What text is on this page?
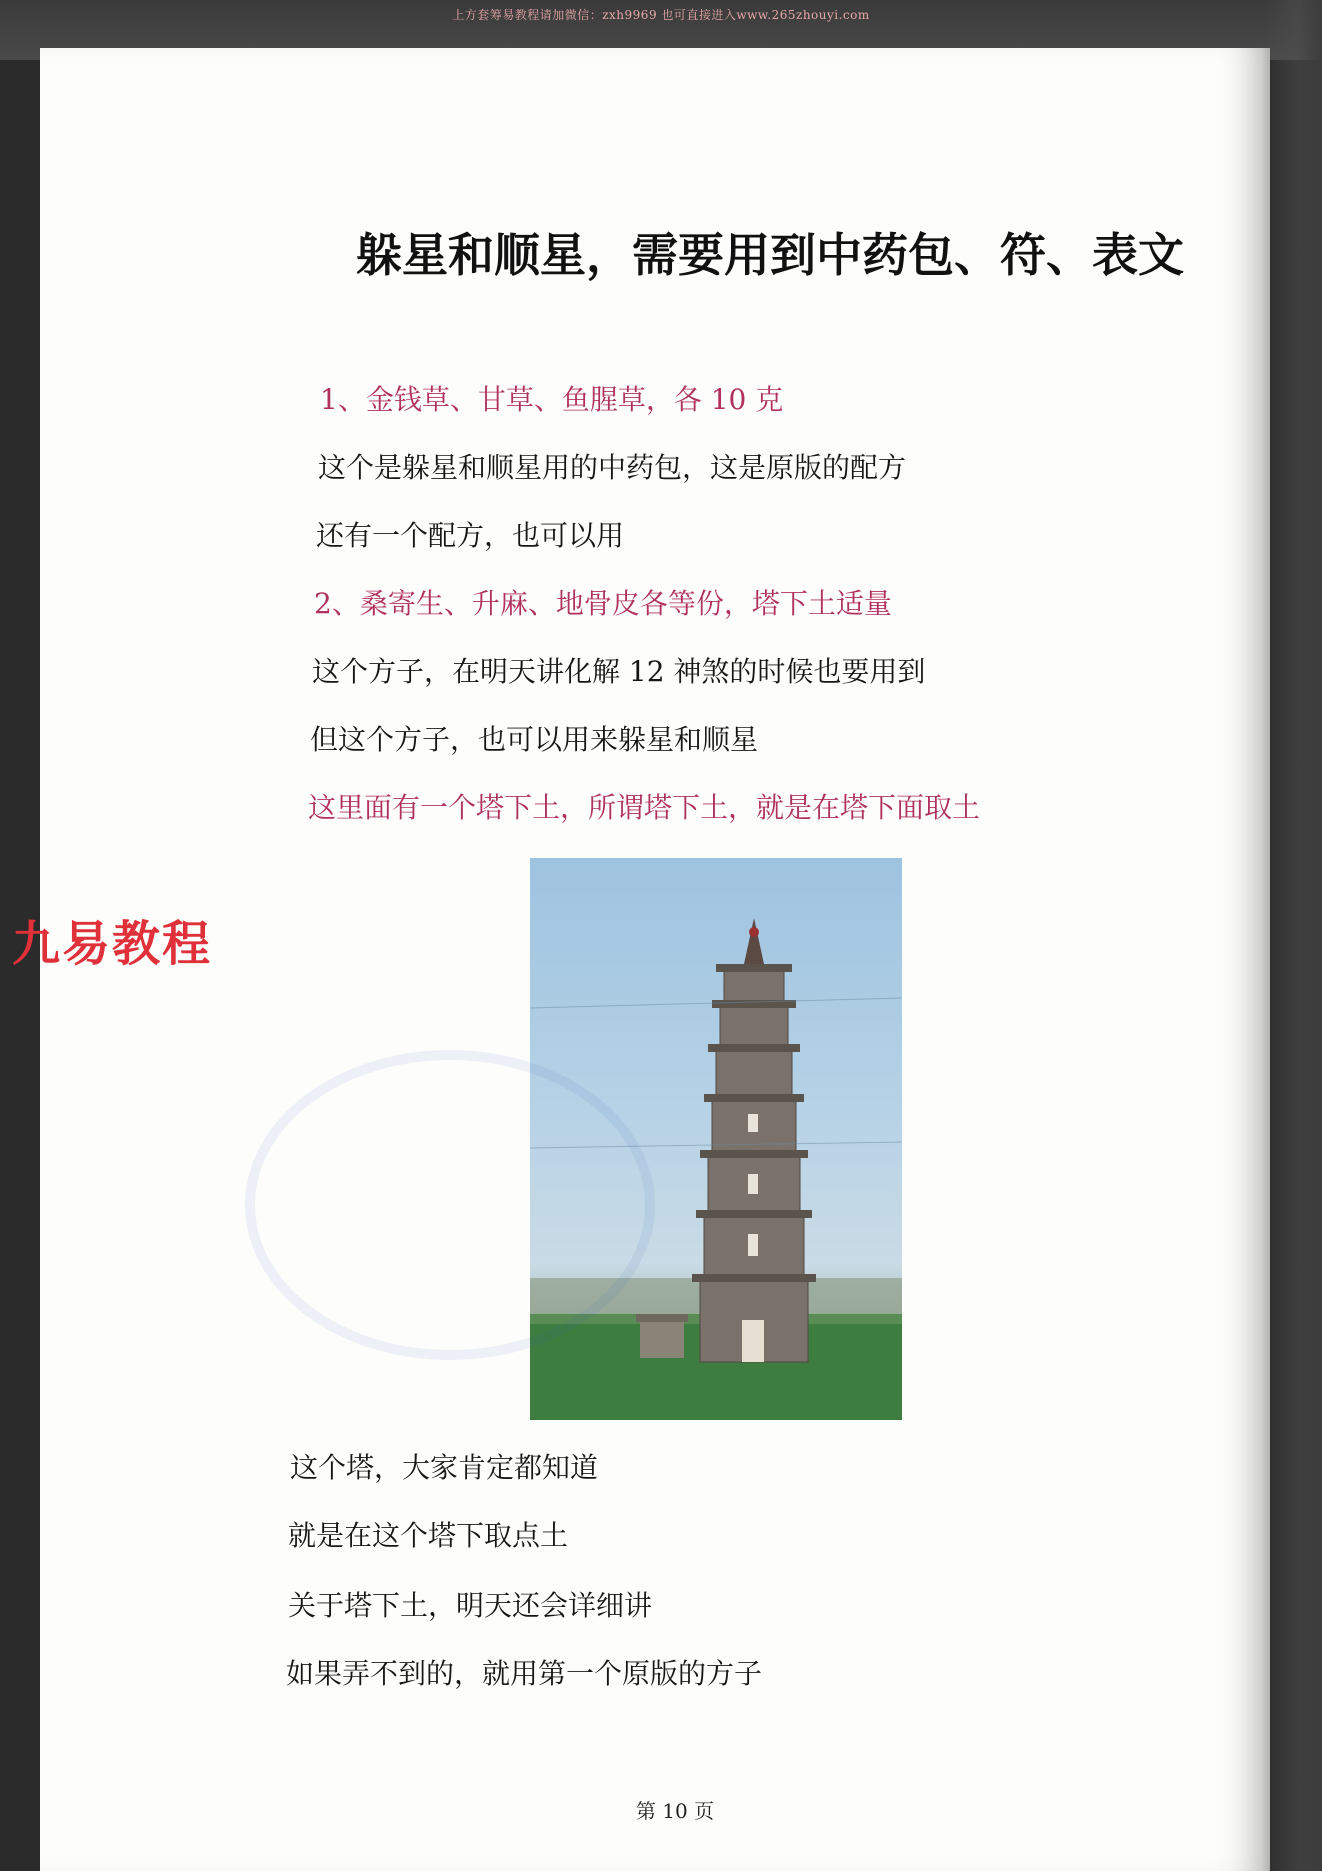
上方套筹易教程请加微信：zxh9969 也可直接进入www.265zhouyi.com
躲星和顺星，需要用到中药包、符、表文
1、金钱草、甘草、鱼腥草，各 10 克
这个是躲星和顺星用的中药包，这是原版的配方
还有一个配方，也可以用
2、桑寄生、升麻、地骨皮各等份，塔下土适量
这个方子，在明天讲化解 12 神煞的时候也要用到
但这个方子，也可以用来躲星和顺星
这里面有一个塔下土，所谓塔下土，就是在塔下面取土
九易教程
这个塔，大家肯定都知道
就是在这个塔下取点土
关于塔下土，明天还会详细讲
如果弄不到的，就用第一个原版的方子
第 10 页
